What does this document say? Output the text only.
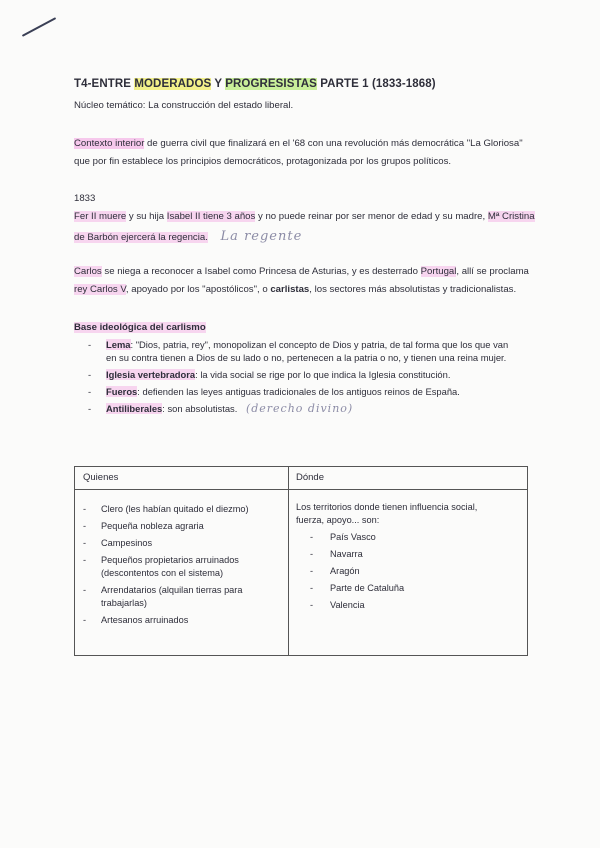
T4-ENTRE MODERADOS Y PROGRESISTAS PARTE 1 (1833-1868)
Núcleo temático: La construcción del estado liberal.
Contexto interior de guerra civil que finalizará en el '68 con una revolución más democrática "La Gloriosa"
que por fin establece los principios democráticos, protagonizada por los grupos políticos.
1833
Fer II muere y su hija Isabel II tiene 3 años y no puede reinar por ser menor de edad y su madre, Mª Cristina
de Barbón ejercerá la regencia. La regente
Carlos se niega a reconocer a Isabel como Princesa de Asturias, y es desterrado Portugal, allí se proclama
rey Carlos V, apoyado por los "apostólicos", o carlistas, los sectores más absolutistas y tradicionalistas.
Base ideológica del carlismo
- Lema: "Dios, patria, rey", monopolizan el concepto de Dios y patria, de tal forma que los que van
en su contra tienen a Dios de su lado o no, pertenecen a la patria o no, y tienen una reina mujer.
- Iglesia vertebradora: la vida social se rige por lo que indica la Iglesia constitución.
- Fueros: defienden las leyes antiguas tradicionales de los antiguos reinos de España.
- Antiliberales: son absolutistas. (derecho divino)
Quienes	Dónde
- Clero (les habían quitado el diezmo)
- Pequeña nobleza agraria
- Campesinos
- Pequeños propietarios arruinados
(descontentos con el sistema)
- Arrendatarios (alquilan tierras para
trabajarlas)
- Artesanos arruinados
Los territorios donde tienen influencia social,
fuerza, apoyo... son:
- País Vasco
- Navarra
- Aragón
- Parte de Cataluña
- Valencia
